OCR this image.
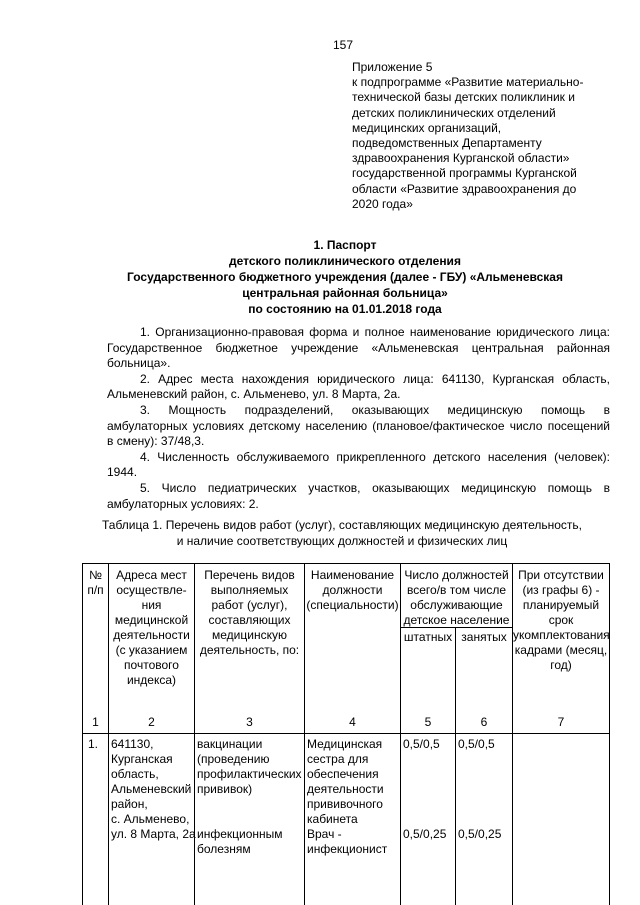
157
Приложение 5
к подпрограмме «Развитие материально-
технической базы детских поликлиник и
детских поликлинических отделений
медицинских организаций,
подведомственных Департаменту
здравоохранения Курганской области»
государственной программы Курганской
области «Развитие здравоохранения до
2020 года»
1. Паспорт
детского поликлинического отделения
Государственного бюджетного учреждения (далее - ГБУ) «Альменевская
центральная районная больница»
по состоянию на 01.01.2018 года
1. Организационно-правовая форма и полное наименование юридического лица:
Государственное бюджетное учреждение «Альменевская центральная районная
больница».
2. Адрес места нахождения юридического лица: 641130, Курганская область,
Альменевский район, с. Альменево, ул. 8 Марта, 2а.
3. Мощность подразделений, оказывающих медицинскую помощь в
амбулаторных условиях детскому населению (плановое/фактическое число посещений
в смену): 37/48,3.
4. Численность обслуживаемого прикрепленного детского населения (человек):
1944.
5. Число педиатрических участков, оказывающих медицинскую помощь в
амбулаторных условиях: 2.
Таблица 1. Перечень видов работ (услуг), составляющих медицинскую деятельность,
и наличие соответствующих должностей и физических лиц
№
п/п
1
Адреса мест
осуществле-
ния
медицинской
деятельности
(с указанием
почтового
индекса)
2
Перечень видов
выполняемых
работ (услуг),
составляющих
медицинскую
деятельность, по:
3
Наименование
должности
(специальности)
4
Число должностей
всего/в том числе
обслуживающие
детское население
штатных
5
занятых
6
При отсутствии
(из графы 6) -
планируемый
срок
укомплектования
кадрами (месяц,
год)
7
1.	641130,
Курганская
область,
Альменевский
район,
с. Альменево,
ул. 8 Марта, 2а
вакцинации
(проведению
профилактических
прививок)
инфекционным
болезням
Медицинская
сестра для
обеспечения
деятельности
прививочного
кабинета
Врач -
инфекционист
0,5/0,5
0,5/0,25
0,5/0,5
0,5/0,25
